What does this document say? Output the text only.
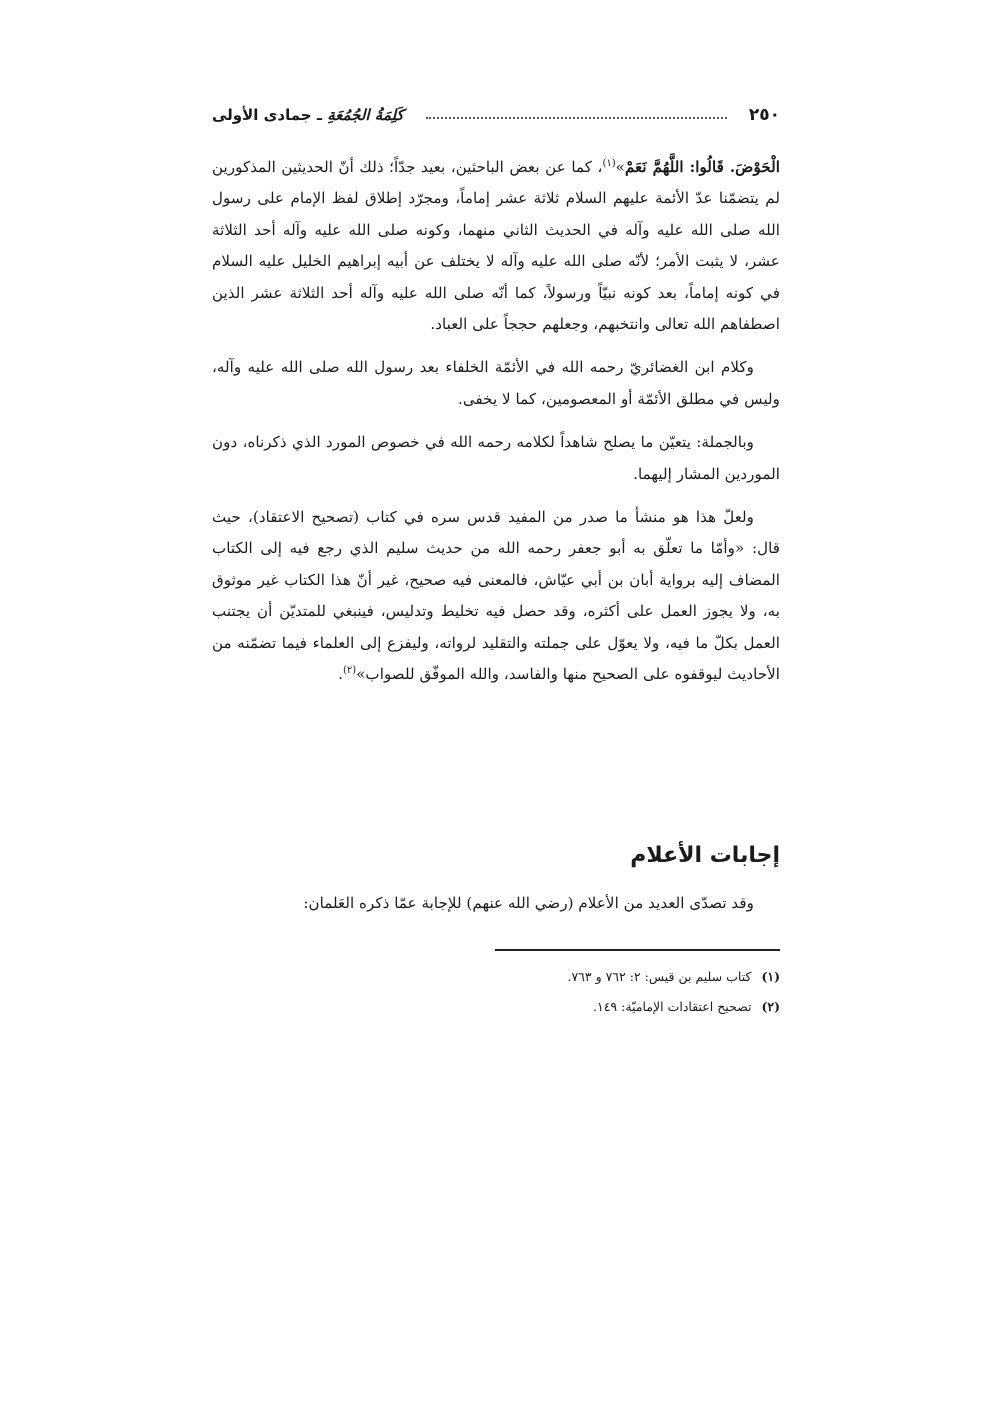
٢٥٠
كَلِمَةُ الجُمُعَةِ ـ جمادى الأولى

الْحَوْضَ. قَالُوا: اللَّهُمَّ نَعَمْ»$^{(١)}$، كما عن بعض الباحثين، بعيد جدّاً؛ ذلك أنّ الحديثين المذكورين لم يتضمّنا عدّ الأئمة عليهم السلام ثلاثة عشر إماماً، ومجرّد إطلاق لفظ الإمام على رسول الله صلى الله عليه وآله في الحديث الثاني منهما، وكونه صلى الله عليه وآله أحد الثلاثة عشر، لا يثبت الأمر؛ لأنّه صلى الله عليه وآله لا يختلف عن أبيه إبراهيم الخليل عليه السلام في كونه إماماً، بعد كونه نبيّاً ورسولاً، كما أنّه صلى الله عليه وآله أحد الثلاثة عشر الذين اصطفاهم الله تعالى وانتخبهم، وجعلهم حججاً على العباد.

وكلام ابن الغضائريّ رحمه الله في الأئمّة الخلفاء بعد رسول الله صلى الله عليه وآله، وليس في مطلق الأئمّة أو المعصومين، كما لا يخفى.

وبالجملة: يتعيّن ما يصلح شاهداً لكلامه رحمه الله في خصوص المورد الذي ذكرناه، دون الموردين المشار إليهما.

ولعلّ هذا هو منشأ ما صدر من المفيد قدس سره في كتاب (تصحيح الاعتقاد)، حيث قال: «وأمّا ما تعلّق به أبو جعفر رحمه الله من حديث سليم الذي رجع فيه إلى الكتاب المضاف إليه برواية أبان بن أبي عيّاش، فالمعنى فيه صحيح، غير أنّ هذا الكتاب غير موثوق به، ولا يجوز العمل على أكثره، وقد حصل فيه تخليط وتدليس، فينبغي للمتديّن أن يجتنب العمل بكلّ ما فيه، ولا يعوّل على جملته والتقليد لرواته، وليفزع إلى العلماء فيما تضمّنه من الأحاديث ليوقفوه على الصحيح منها والفاسد، والله الموفّق للصواب»$^{(٢)}$.

إجابات الأعلام
وقد تصدّى العديد من الأعلام (رضي الله عنهم) للإجابة عمّا ذكره العَلمان:
(١)كتاب سليم بن قيس: ٢: ٧٦٢ و ٧٦٣.
(٢)تصحيح اعتقادات الإماميّة: ١٤٩.
